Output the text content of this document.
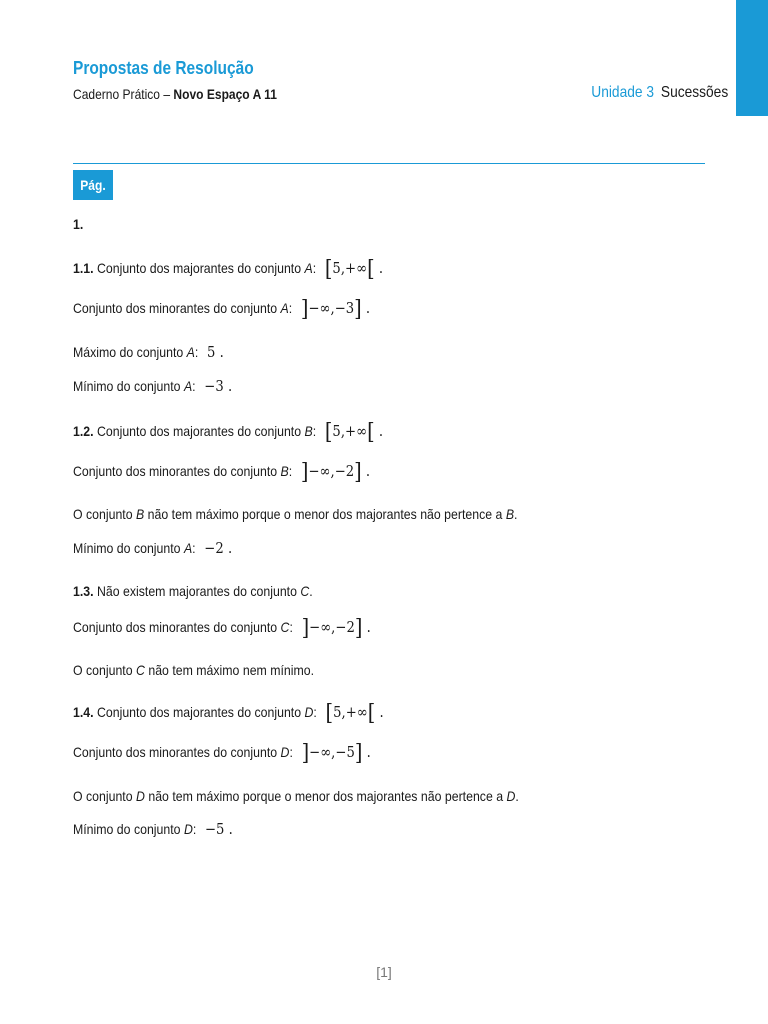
Propostas de Resolução
Caderno Prático – Novo Espaço A 11	Unidade 3 Sucessões
Pág. 44
1.
1.1. Conjunto dos majorantes do conjunto A: [5,+∞[ .
Conjunto dos minorantes do conjunto A: ]−∞,−3] .
Máximo do conjunto A: 5 .
Mínimo do conjunto A: −3 .
1.2. Conjunto dos majorantes do conjunto B: [5,+∞[ .
Conjunto dos minorantes do conjunto B: ]−∞,−2] .
O conjunto B não tem máximo porque o menor dos majorantes não pertence a B.
Mínimo do conjunto A: −2 .
1.3. Não existem majorantes do conjunto C.
Conjunto dos minorantes do conjunto C: ]−∞,−2] .
O conjunto C não tem máximo nem mínimo.
1.4. Conjunto dos majorantes do conjunto D: [5,+∞[ .
Conjunto dos minorantes do conjunto D: ]−∞,−5] .
O conjunto D não tem máximo porque o menor dos majorantes não pertence a D.
Mínimo do conjunto D: −5 .
[1]
